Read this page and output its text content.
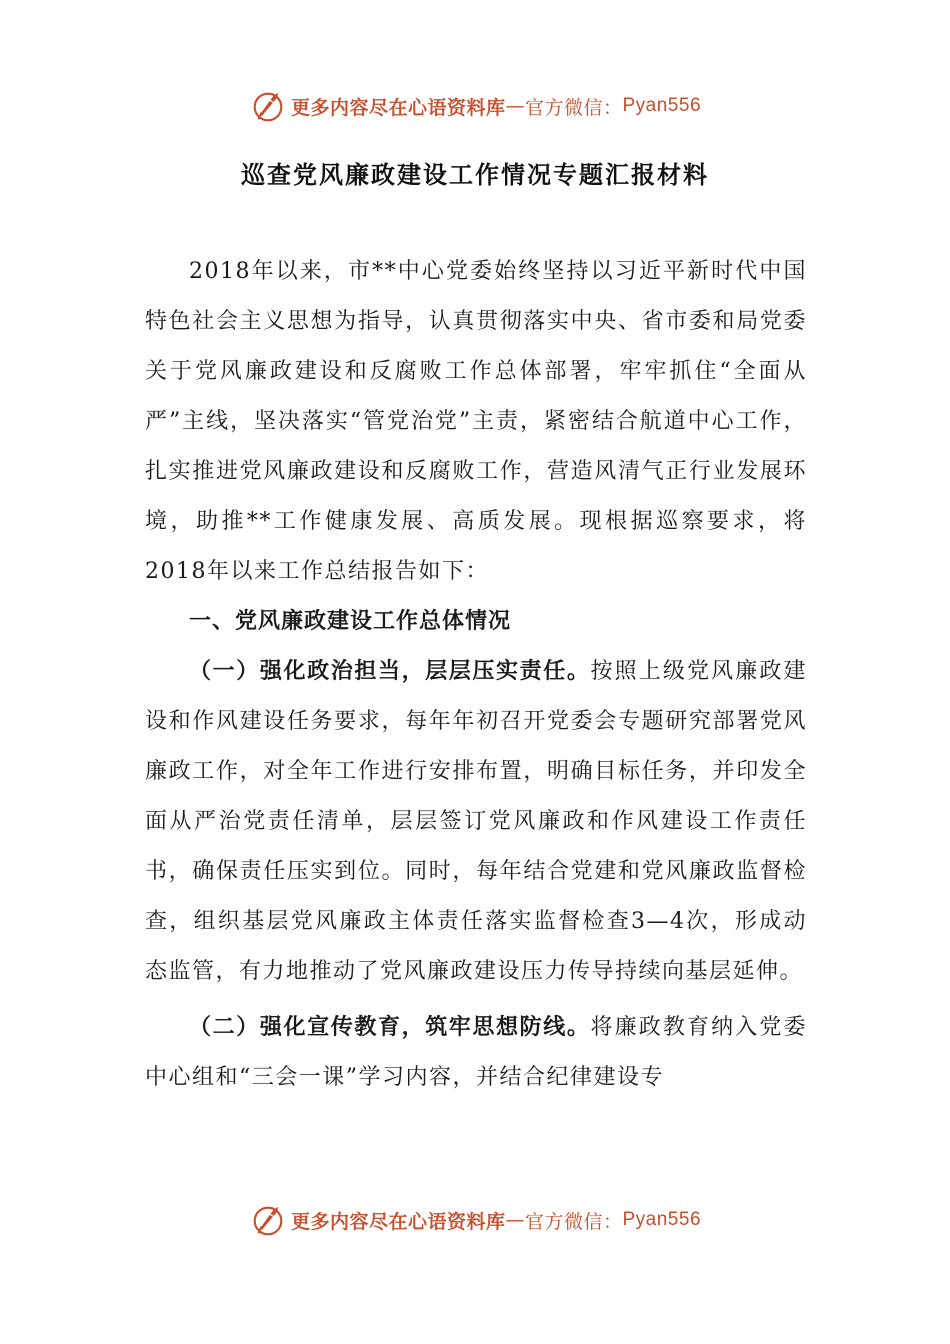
更多内容尽在心语资料库 — 官方微信： Pyan556
巡查党风廉政建设工作情况专题汇报材料

2018年以来，市**中心党委始终坚持以习近平新时代中国特色社会主义思想为指导，认真贯彻落实中央、省市委和局党委关于党风廉政建设和反腐败工作总体部署，牢牢抓住“全面从严”主线，坚决落实“管党治党”主责，紧密结合航道中心工作，扎实推进党风廉政建设和反腐败工作，营造风清气正行业发展环境，助推**工作健康发展、高质发展。现根据巡察要求，将2018年以来工作总结报告如下：

一、党风廉政建设工作总体情况

（一）强化政治担当，层层压实责任。按照上级党风廉政建设和作风建设任务要求，每年年初召开党委会专题研究部署党风廉政工作，对全年工作进行安排布置，明确目标任务，并印发全面从严治党责任清单，层层签订党风廉政和作风建设工作责任书，确保责任压实到位。同时，每年结合党建和党风廉政监督检查，组织基层党风廉政主体责任落实监督检查3—4次，形成动态监管，有力地推动了党风廉政建设压力传导持续向基层延伸。

（二）强化宣传教育，筑牢思想防线。将廉政教育纳入党委中心组和“三会一课”学习内容，并结合纪律建设专

更多内容尽在心语资料库 — 官方微信： Pyan556
